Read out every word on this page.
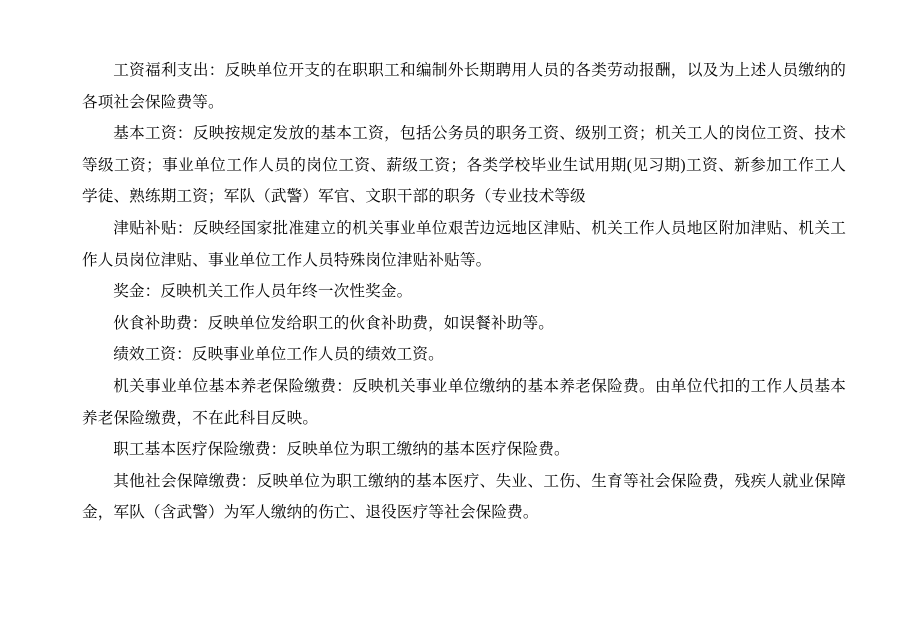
工资福利支出：反映单位开支的在职职工和编制外长期聘用人员的各类劳动报酬，以及为上述人员缴纳的各项社会保险费等。

基本工资：反映按规定发放的基本工资，包括公务员的职务工资、级别工资；机关工人的岗位工资、技术等级工资；事业单位工作人员的岗位工资、薪级工资；各类学校毕业生试用期(见习期)工资、新参加工作工人学徒、熟练期工资；军队（武警）军官、文职干部的职务（专业技术等级

津贴补贴：反映经国家批准建立的机关事业单位艰苦边远地区津贴、机关工作人员地区附加津贴、机关工作人员岗位津贴、事业单位工作人员特殊岗位津贴补贴等。

奖金：反映机关工作人员年终一次性奖金。

伙食补助费：反映单位发给职工的伙食补助费，如误餐补助等。

绩效工资：反映事业单位工作人员的绩效工资。

机关事业单位基本养老保险缴费：反映机关事业单位缴纳的基本养老保险费。由单位代扣的工作人员基本养老保险缴费，不在此科目反映。

职工基本医疗保险缴费：反映单位为职工缴纳的基本医疗保险费。

其他社会保障缴费：反映单位为职工缴纳的基本医疗、失业、工伤、生育等社会保险费，残疾人就业保障金，军队（含武警）为军人缴纳的伤亡、退役医疗等社会保险费。
